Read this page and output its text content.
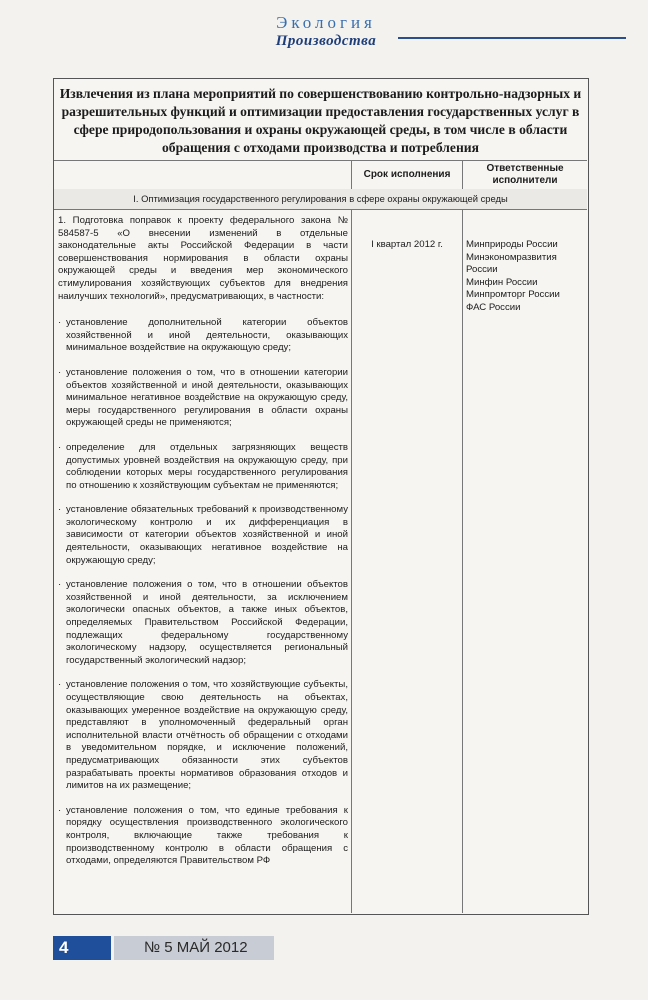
Экология
Производства
Извлечения из плана мероприятий по совершенствованию контрольно-надзорных и разрешительных функций и оптимизации предоставления государственных услуг в сфере природопользования и охраны окружающей среды, в том числе в области обращения с отходами производства и потребления
Срок исполнения
Ответственные исполнители
I. Оптимизация государственного регулирования в сфере охраны окружающей среды

1. Подготовка поправок к проекту федерального закона № 584587-5 «О внесении изменений в отдельные законодательные акты Российской Федерации в части совершенствования нормирования в области охраны окружающей среды и введения мер экономического стимулирования хозяйствующих субъектов для внедрения наилучших технологий», предусматривающих, в частности:

· установление дополнительной категории объектов хозяйственной и иной деятельности, оказывающих минимальное воздействие на окружающую среду;
· установление положения о том, что в отношении категории объектов хозяйственной и иной деятельности, оказывающих минимальное негативное воздействие на окружающую среду, меры государственного регулирования в области охраны окружающей среды не применяются;
· определение для отдельных загрязняющих веществ допустимых уровней воздействия на окружающую среду, при соблюдении которых меры государственного регулирования по отношению к хозяйствующим субъектам не применяются;
· установление обязательных требований к производственному экологическому контролю и их дифференциация в зависимости от категории объектов хозяйственной и иной деятельности, оказывающих негативное воздействие на окружающую среду;
· установление положения о том, что в отношении объектов хозяйственной и иной деятельности, за исключением экологически опасных объектов, а также иных объектов, определяемых Правительством Российской Федерации, подлежащих федеральному государственному экологическому надзору, осуществляется региональный государственный экологический надзор;
· установление положения о том, что хозяйствующие субъекты, осуществляющие свою деятельность на объектах, оказывающих умеренное воздействие на окружающую среду, представляют в уполномоченный федеральный орган исполнительной власти отчётность об обращении с отходами в уведомительном порядке, и исключение положений, предусматривающих обязанности этих субъектов разрабатывать проекты нормативов образования отходов и лимитов на их размещение;
· установление положения о том, что единые требования к порядку осуществления производственного экологического контроля, включающие также требования к производственному контролю в области обращения с отходами, определяются Правительством РФ
I квартал 2012 г.	Минприроды России
Минэкономразвития России
Минфин России
Минпромторг России
ФАС России
4	№ 5 МАЙ 2012
